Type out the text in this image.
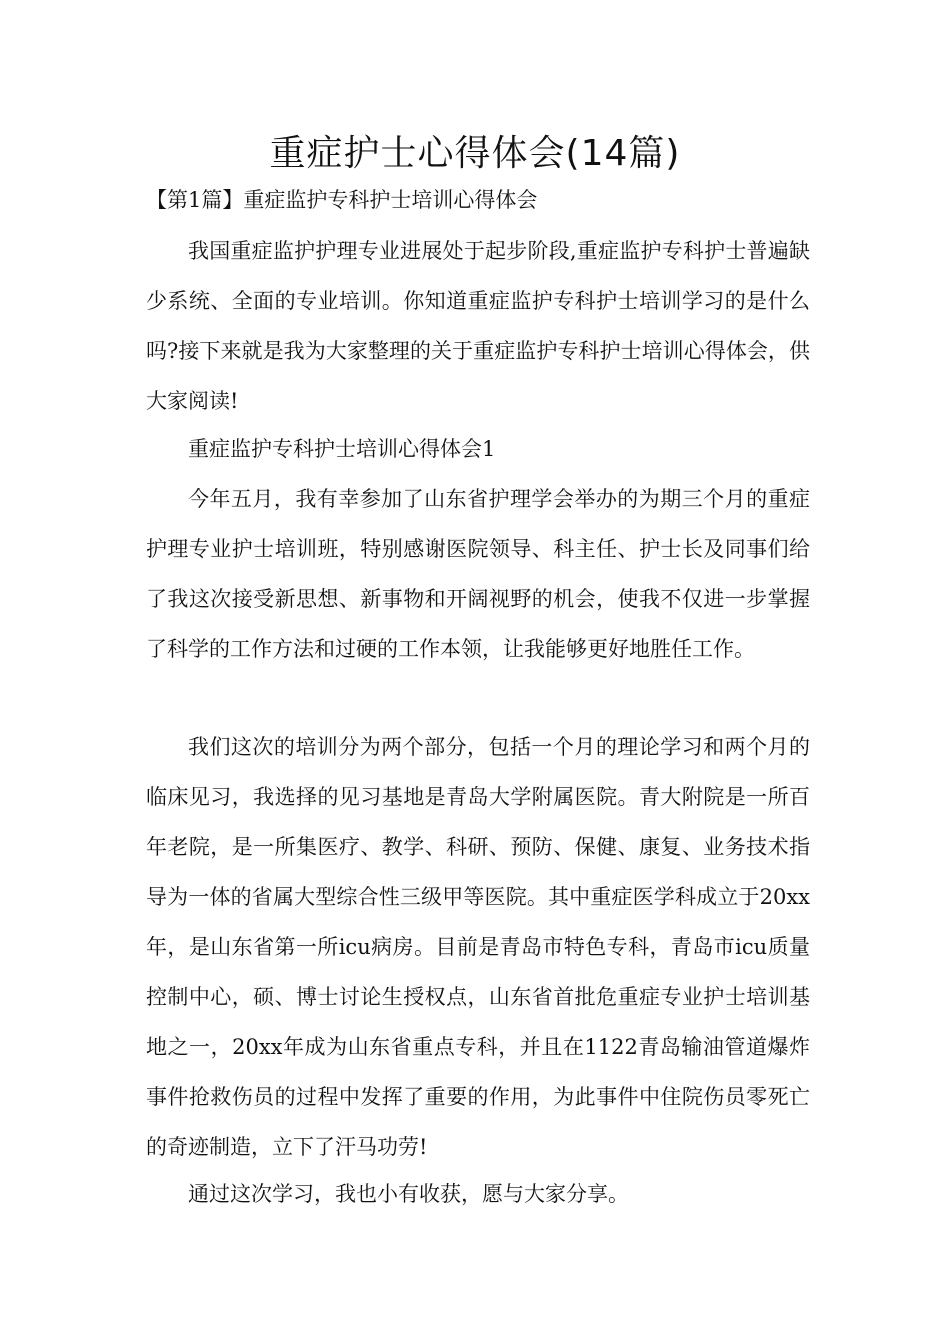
重症护士心得体会(14篇)

【第1篇】重症监护专科护士培训心得体会

我国重症监护护理专业进展处于起步阶段,重症监护专科护士普遍缺少系统、全面的专业培训。你知道重症监护专科护士培训学习的是什么吗?接下来就是我为大家整理的关于重症监护专科护士培训心得体会，供大家阅读!

重症监护专科护士培训心得体会1

今年五月，我有幸参加了山东省护理学会举办的为期三个月的重症护理专业护士培训班，特别感谢医院领导、科主任、护士长及同事们给了我这次接受新思想、新事物和开阔视野的机会，使我不仅进一步掌握了科学的工作方法和过硬的工作本领，让我能够更好地胜任工作。

我们这次的培训分为两个部分，包括一个月的理论学习和两个月的临床见习，我选择的见习基地是青岛大学附属医院。青大附院是一所百年老院，是一所集医疗、教学、科研、预防、保健、康复、业务技术指导为一体的省属大型综合性三级甲等医院。其中重症医学科成立于20xx年，是山东省第一所icu病房。目前是青岛市特色专科，青岛市icu质量控制中心，硕、博士讨论生授权点，山东省首批危重症专业护士培训基地之一，20xx年成为山东省重点专科，并且在1122青岛输油管道爆炸事件抢救伤员的过程中发挥了重要的作用，为此事件中住院伤员零死亡的奇迹制造，立下了汗马功劳!

通过这次学习，我也小有收获，愿与大家分享。
